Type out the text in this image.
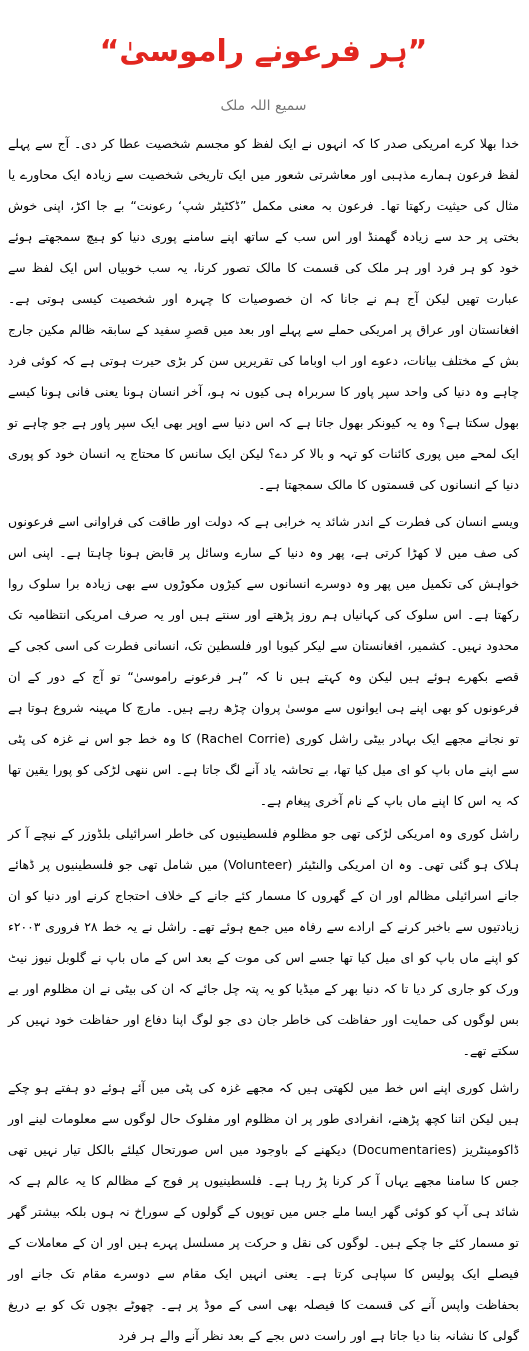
”ہر فرعونے راموسیٰ“
سمیع اللہ ملک

خدا بھلا کرے امریکی صدر کا کہ انہوں نے ایک لفظ کو مجسم شخصیت عطا کر دی۔ آج سے پہلے لفظ فرعون ہمارے مذہبی اور معاشرتی شعور میں ایک تاریخی شخصیت سے زیادہ ایک محاورے یا مثال کی حیثیت رکھتا تھا۔ فرعون بہ معنی مکمل ”ڈکٹیٹر شپ‘ رعونت“ بے جا اکڑ، اپنی خوش بختی پر حد سے زیادہ گھمنڈ اور اس سب کے ساتھ اپنے سامنے پوری دنیا کو ہیچ سمجھتے ہوئے خود کو ہر فرد اور ہر ملک کی قسمت کا مالک تصور کرنا، یہ سب خوبیاں اس ایک لفظ سے عبارت تھیں لیکن آج ہم نے جانا کہ ان خصوصیات کا چہرہ اور شخصیت کیسی ہوتی ہے۔ افغانستان اور عراق پر امریکی حملے سے پہلے اور بعد میں قصرِ سفید کے سابقہ ظالم مکین جارج بش کے مختلف بیانات، دعوے اور اب اوباما کی تقریریں سن کر بڑی حیرت ہوتی ہے کہ کوئی فرد چاہے وہ دنیا کی واحد سپر پاور کا سربراہ ہی کیوں نہ ہو، آخر انسان ہونا یعنی فانی ہونا کیسے بھول سکتا ہے؟ وہ یہ کیونکر بھول جاتا ہے کہ اس دنیا سے اوپر بھی ایک سپر پاور ہے جو چاہے تو ایک لمحے میں پوری کائنات کو تہہ و بالا کر دے؟ لیکن ایک سانس کا محتاج یہ انسان خود کو پوری دنیا کے انسانوں کی قسمتوں کا مالک سمجھتا ہے۔

ویسے انسان کی فطرت کے اندر شائد یہ خرابی ہے کہ دولت اور طاقت کی فراوانی اسے فرعونوں کی صف میں لا کھڑا کرتی ہے، پھر وہ دنیا کے سارے وسائل پر قابض ہونا چاہتا ہے۔ اپنی اس خواہش کی تکمیل میں پھر وہ دوسرے انسانوں سے کیڑوں مکوڑوں سے بھی زیادہ برا سلوک روا رکھتا ہے۔ اس سلوک کی کہانیاں ہم روز پڑھتے اور سنتے ہیں اور یہ صرف امریکی انتظامیہ تک محدود نہیں۔ کشمیر، افغانستان سے لیکر کیوبا اور فلسطین تک، انسانی فطرت کی اسی کجی کے قصے بکھرے ہوئے ہیں لیکن وہ کہتے ہیں نا کہ ”ہر فرعونے راموسیٰ“ تو آج کے دور کے ان فرعونوں کو بھی اپنے ہی ایوانوں سے موسیٰ پروان چڑھ رہے ہیں۔ مارچ کا مہینہ شروع ہوتا ہے تو نجانے مجھے ایک بہادر بیٹی راشل کوری (Rachel Corrie) کا وہ خط جو اس نے غزہ کی پٹی سے اپنے ماں باپ کو ای میل کیا تھا، بے تحاشہ یاد آنے لگ جاتا ہے۔ اس ننھی لڑکی کو پورا یقین تھا کہ یہ اس کا اپنے ماں باپ کے نام آخری پیغام ہے۔

راشل کوری وہ امریکی لڑکی تھی جو مظلوم فلسطینیوں کی خاطر اسرائیلی بلڈوزر کے نیچے آ کر ہلاک ہو گئی تھی۔ وہ ان امریکی والنٹیئر (Volunteer) میں شامل تھی جو فلسطینیوں پر ڈھائے جانے اسرائیلی مظالم اور ان کے گھروں کا مسمار کئے جانے کے خلاف احتجاج کرنے اور دنیا کو ان زیادتیوں سے باخبر کرنے کے ارادے سے رفاہ میں جمع ہوئے تھے۔ راشل نے یہ خط ۲۸ فروری ۲۰۰۳ء کو اپنے ماں باپ کو ای میل کیا تھا جسے اس کی موت کے بعد اس کے ماں باپ نے گلوبل نیوز نیٹ ورک کو جاری کر دیا تا کہ دنیا بھر کے میڈیا کو یہ پتہ چل جائے کہ ان کی بیٹی نے ان مظلوم اور بے بس لوگوں کی حمایت اور حفاظت کی خاطر جان دی جو لوگ اپنا دفاع اور حفاظت خود نہیں کر سکتے تھے۔

راشل کوری اپنے اس خط میں لکھتی ہیں کہ مجھے غزہ کی پٹی میں آئے ہوئے دو ہفتے ہو چکے ہیں لیکن اتنا کچھ پڑھنے، انفرادی طور پر ان مظلوم اور مفلوک حال لوگوں سے معلومات لینے اور ڈاکومینٹریز (Documentaries) دیکھنے کے باوجود میں اس صورتحال کیلئے بالکل تیار نہیں تھی جس کا سامنا مجھے یہاں آ کر کرنا پڑ رہا ہے۔ فلسطینیوں پر فوج کے مظالم کا یہ عالم ہے کہ شائد ہی آپ کو کوئی گھر ایسا ملے جس میں توپوں کے گولوں کے سوراخ نہ ہوں بلکہ بیشتر گھر تو مسمار کئے جا چکے ہیں۔ لوگوں کی نقل و حرکت پر مسلسل پہرے ہیں اور ان کے معاملات کے فیصلے ایک پولیس کا سپاہی کرتا ہے۔ یعنی انہیں ایک مقام سے دوسرے مقام تک جانے اور بحفاظت واپس آنے کی قسمت کا فیصلہ بھی اسی کے موڈ پر ہے۔ چھوٹے بچوں تک کو بے دریغ گولی کا نشانہ بنا دیا جاتا ہے اور راست دس بجے کے بعد نظر آنے والے ہر فرد
